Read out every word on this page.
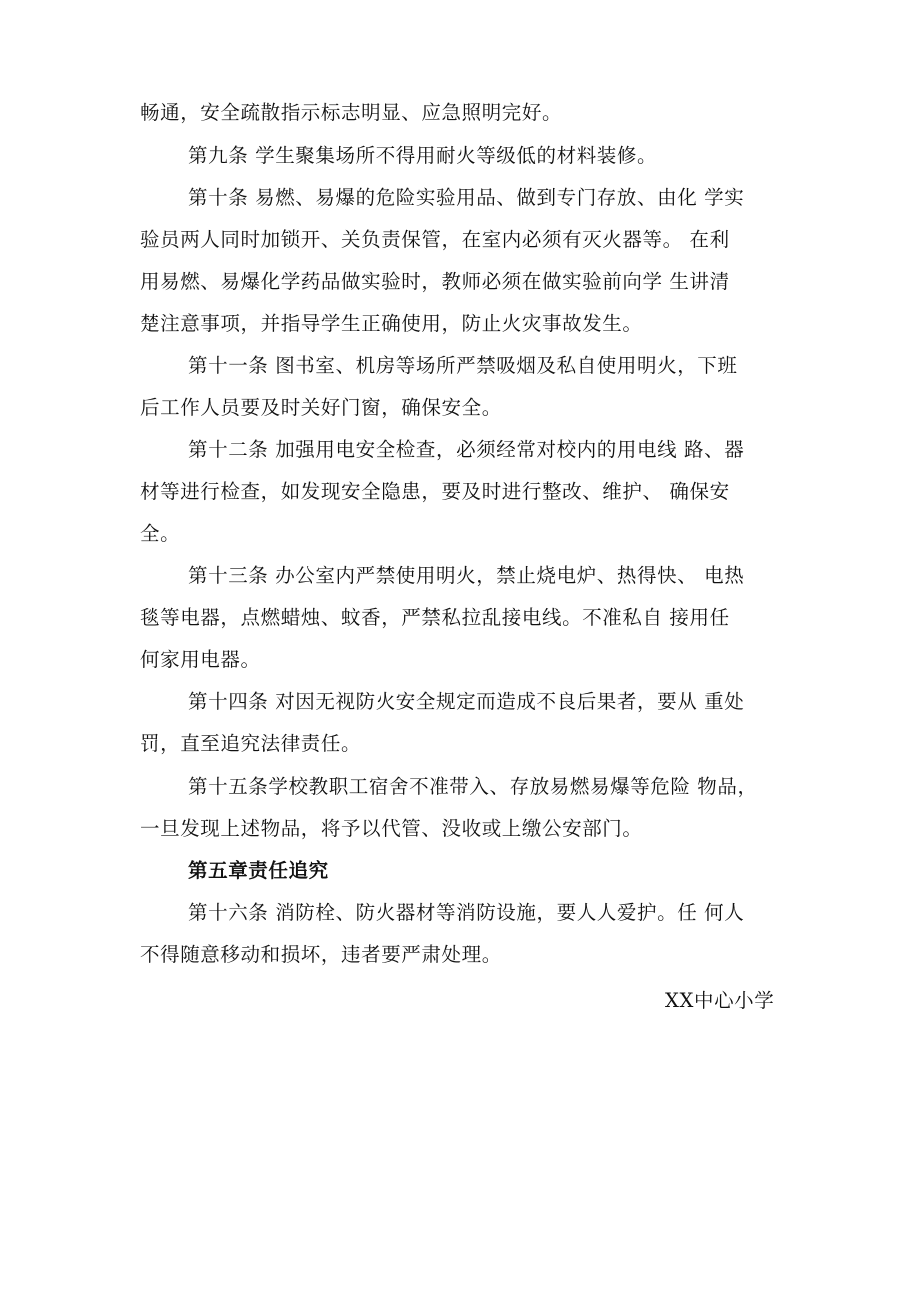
畅通，安全疏散指示标志明显、应急照明完好。
第九条 学生聚集场所不得用耐火等级低的材料装修。
第十条 易燃、易爆的危险实验用品、做到专门存放、由化 学实
验员两人同时加锁开、关负责保管，在室内必须有灭火器等。 在利
用易燃、易爆化学药品做实验时，教师必须在做实验前向学 生讲清
楚注意事项，并指导学生正确使用，防止火灾事故发生。
第十一条 图书室、机房等场所严禁吸烟及私自使用明火，下班
后工作人员要及时关好门窗，确保安全。
第十二条 加强用电安全检查，必须经常对校内的用电线 路、器
材等进行检查，如发现安全隐患，要及时进行整改、维护、 确保安
全。
第十三条 办公室内严禁使用明火，禁止烧电炉、热得快、 电热
毯等电器，点燃蜡烛、蚊香，严禁私拉乱接电线。不准私自 接用任
何家用电器。
第十四条 对因无视防火安全规定而造成不良后果者，要从 重处
罚，直至追究法律责任。
第十五条学校教职工宿舍不准带入、存放易燃易爆等危险 物品，
一旦发现上述物品，将予以代管、没收或上缴公安部门。
第五章责任追究
第十六条 消防栓、防火器材等消防设施，要人人爱护。任 何人
不得随意移动和损坏，违者要严肃处理。
XX中心小学
